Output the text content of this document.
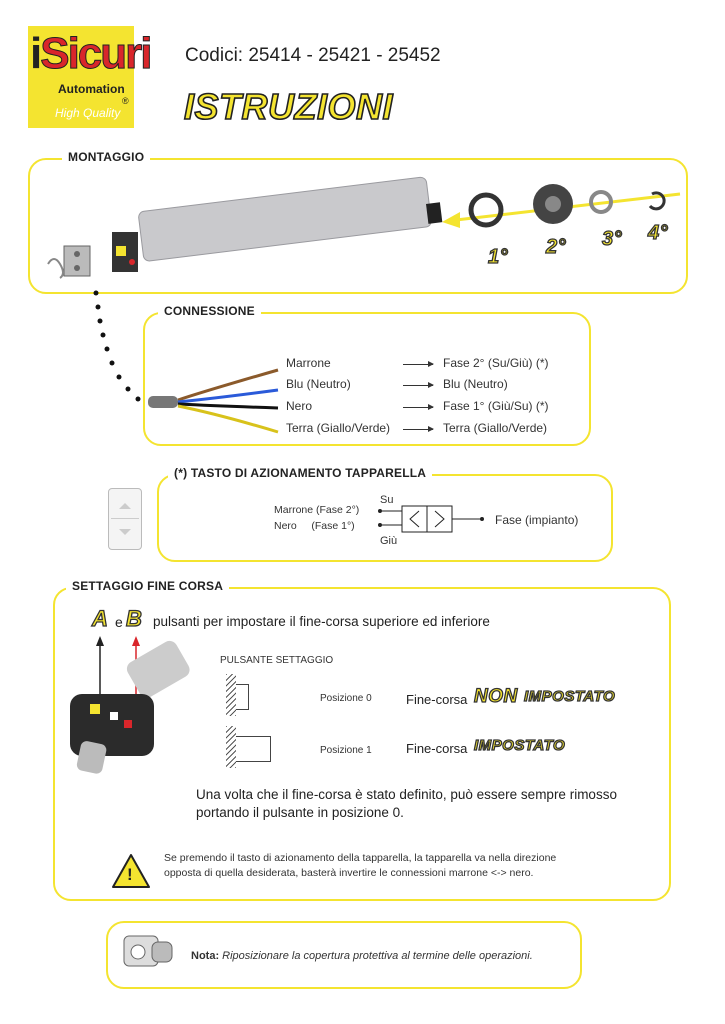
iSicuri
Automation
®
High Quality
Codici: 25414 - 25421 - 25452
ISTRUZIONI
MONTAGGIO
1° 2° 3° 4°
CONNESSIONE
Marrone
Blu (Neutro)
Nero
Terra (Giallo/Verde)
Fase 2° (Su/Giù) (*)
Blu (Neutro)
Fase 1° (Giù/Su) (*)
Terra (Giallo/Verde)
(*) TASTO DI AZIONAMENTO TAPPARELLA
Marrone (Fase 2°)
Nero     (Fase 1°)
Su
Giù
Fase (impianto)
SETTAGGIO FINE CORSA
A e B pulsanti per impostare il fine-corsa superiore ed inferiore
PULSANTE SETTAGGIO
Posizione 0	Fine-corsa NON IMPOSTATO
Posizione 1	Fine-corsa IMPOSTATO
Una volta che il fine-corsa è stato definito, può essere sempre rimosso
portando il pulsante in posizione 0.
!
Se premendo il tasto di azionamento della tapparella, la tapparella va nella direzione
opposta di quella desiderata, basterà invertire le connessioni marrone <-> nero.
Nota: Riposizionare la copertura protettiva al termine delle operazioni.
